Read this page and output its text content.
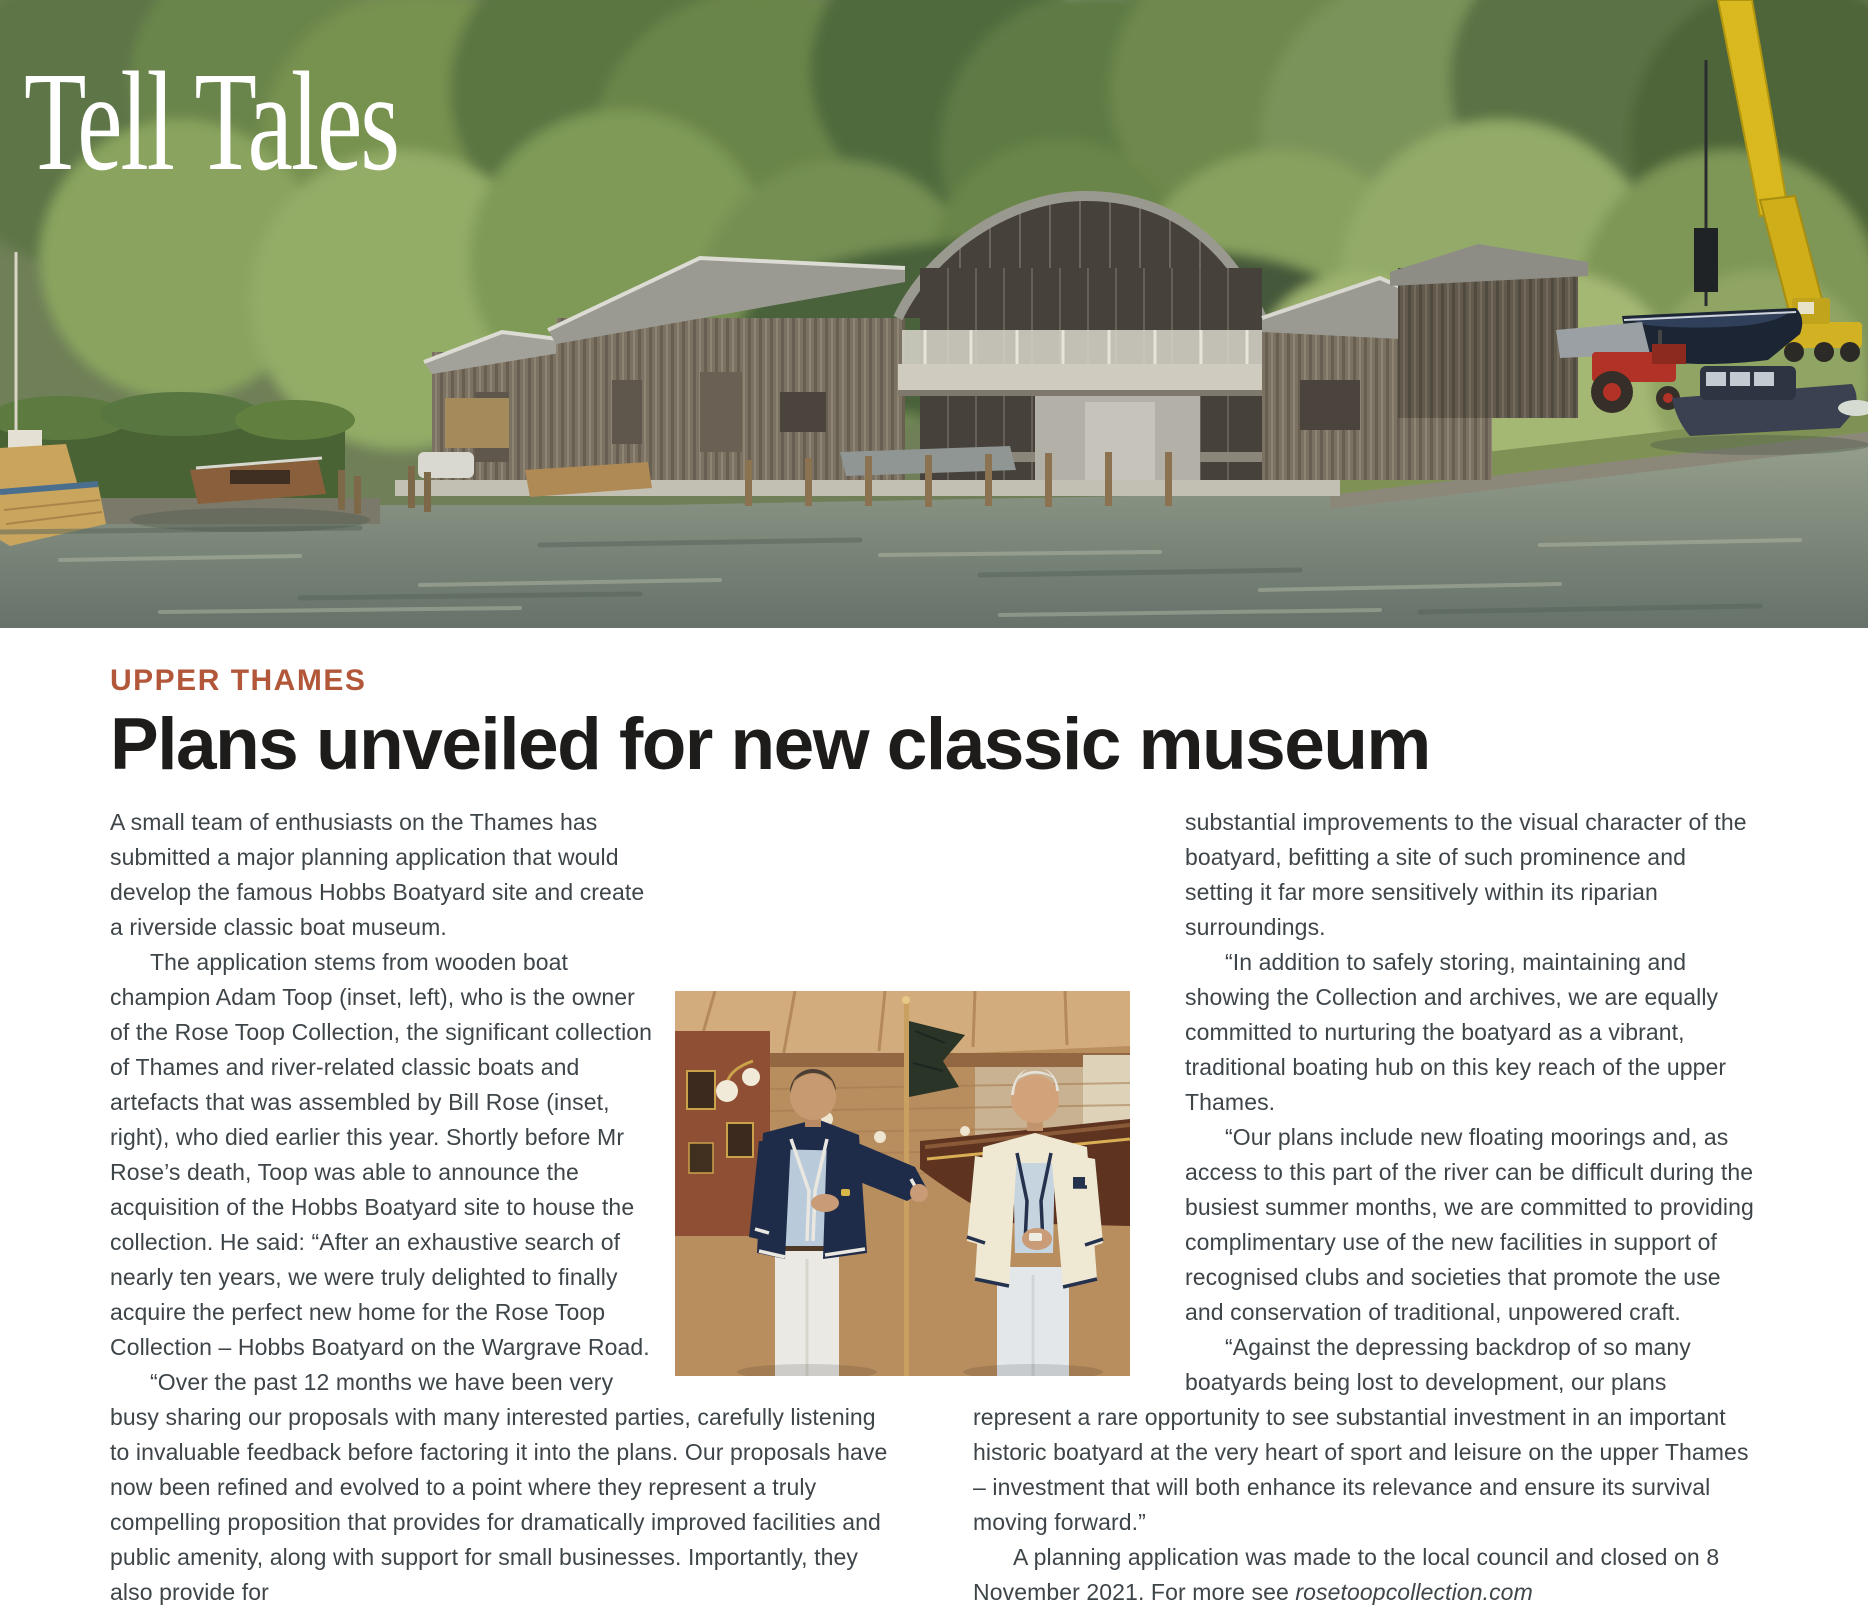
Tell Tales
UPPER THAMES
Plans unveiled for new classic museum

A small team of enthusiasts on the Thames has submitted a major planning application that would develop the famous Hobbs Boatyard site and create a riverside classic boat museum.

The application stems from wooden boat champion Adam Toop (inset, left), who is the owner of the Rose Toop Collection, the significant collection of Thames and river-related classic boats and artefacts that was assembled by Bill Rose (inset, right), who died earlier this year. Shortly before Mr Rose’s death, Toop was able to announce the acquisition of the Hobbs Boatyard site to house the collection. He said: “After an exhaustive search of nearly ten years, we were truly delighted to finally acquire the perfect new home for the Rose Toop Collection – Hobbs Boatyard on the Wargrave Road.

“Over the past 12 months we have been very busy sharing our proposals with many interested parties, carefully listening to invaluable feedback before factoring it into the plans. Our proposals have now been refined and evolved to a point where they represent a truly compelling proposition that provides for dramatically improved facilities and public amenity, along with support for small businesses. Importantly, they also provide for

substantial improvements to the visual character of the boatyard, befitting a site of such prominence and setting it far more sensitively within its riparian surroundings.

“In addition to safely storing, maintaining and showing the Collection and archives, we are equally committed to nurturing the boatyard as a vibrant, traditional boating hub on this key reach of the upper Thames.

“Our plans include new floating moorings and, as access to this part of the river can be difficult during the busiest summer months, we are committed to providing complimentary use of the new facilities in support of recognised clubs and societies that promote the use and conservation of traditional, unpowered craft.

“Against the depressing backdrop of so many boatyards being lost to development, our plans represent a rare opportunity to see substantial investment in an important historic boatyard at the very heart of sport and leisure on the upper Thames – investment that will both enhance its relevance and ensure its survival moving forward.”

A planning application was made to the local council and closed on 8 November 2021. For more see rosetoopcollection.com
